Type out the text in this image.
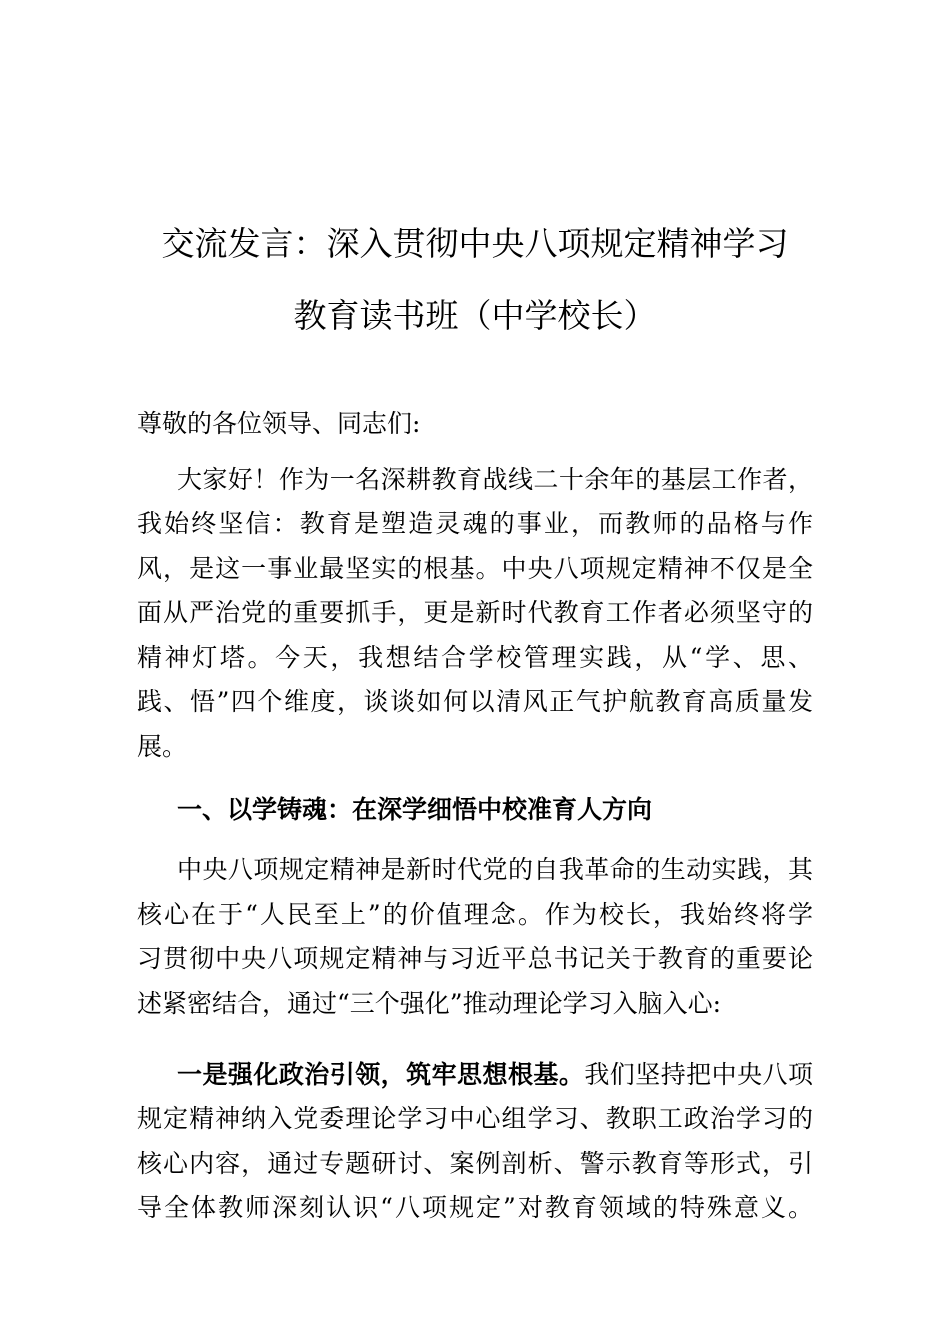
交流发言：深入贯彻中央八项规定精神学习
教育读书班（中学校长）
尊敬的各位领导、同志们:
大家好！作为一名深耕教育战线二十余年的基层工作者，
我始终坚信：教育是塑造灵魂的事业，而教师的品格与作
风，是这一事业最坚实的根基。中央八项规定精神不仅是全
面从严治党的重要抓手，更是新时代教育工作者必须坚守的
精神灯塔。今天，我想结合学校管理实践，从“学、思、
践、悟”四个维度，谈谈如何以清风正气护航教育高质量发
展。
一、以学铸魂：在深学细悟中校准育人方向
中央八项规定精神是新时代党的自我革命的生动实践，其
核心在于“人民至上”的价值理念。作为校长，我始终将学
习贯彻中央八项规定精神与习近平总书记关于教育的重要论
述紧密结合，通过“三个强化”推动理论学习入脑入心:
一是强化政治引领，筑牢思想根基。我们坚持把中央八项
规定精神纳入党委理论学习中心组学习、教职工政治学习的
核心内容，通过专题研讨、案例剖析、警示教育等形式，引
导全体教师深刻认识“八项规定”对教育领域的特殊意义。
